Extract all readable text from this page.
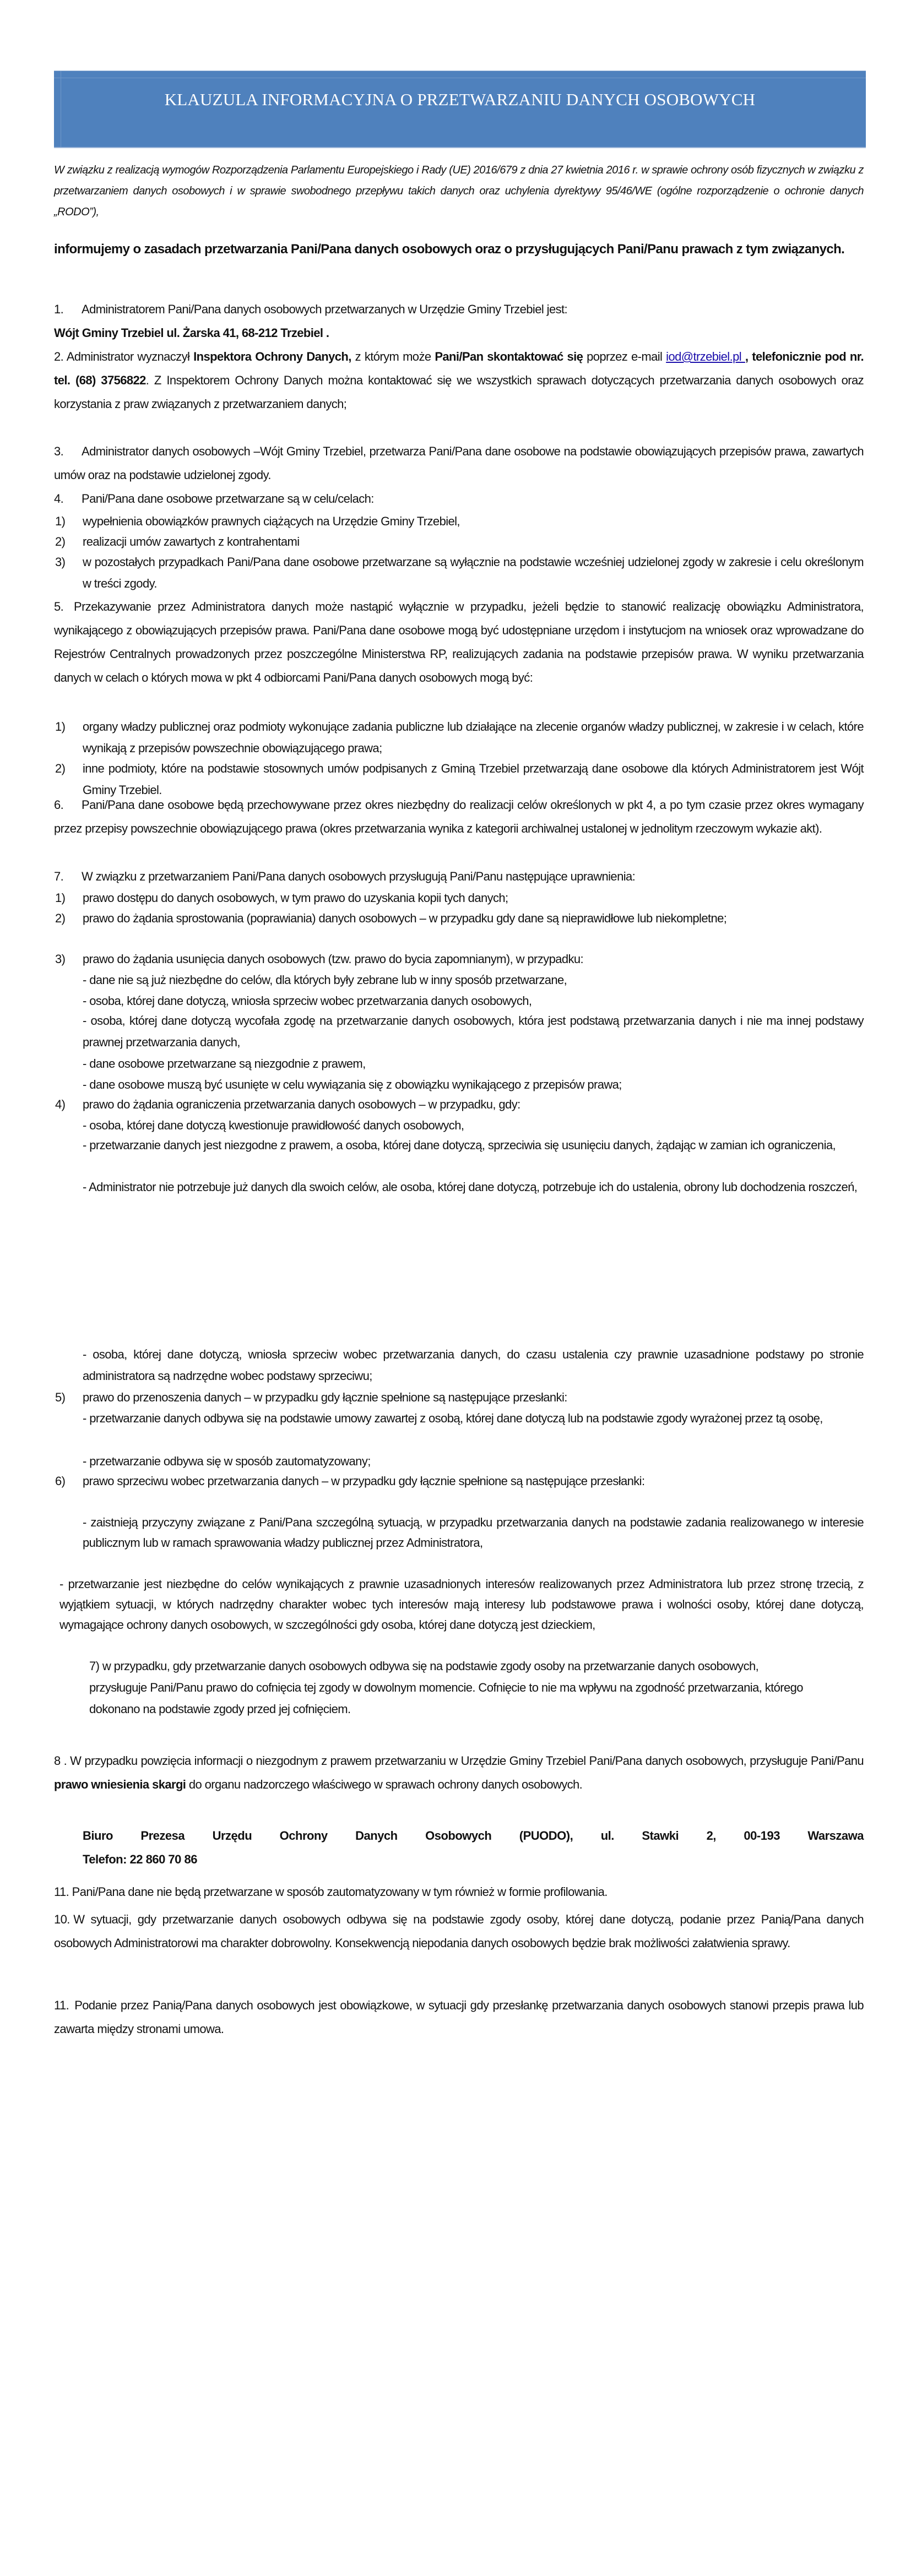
KLAUZULA INFORMACYJNA O PRZETWARZANIU DANYCH OSOBOWYCH
W związku z realizacją wymogów Rozporządzenia Parlamentu Europejskiego i Rady (UE) 2016/679 z dnia 27 kwietnia 2016 r. w sprawie ochrony osób fizycznych w związku z przetwarzaniem danych osobowych i w sprawie swobodnego przepływu takich danych oraz uchylenia dyrektywy 95/46/WE (ogólne rozporządzenie o ochronie danych „RODO”),
informujemy o zasadach przetwarzania Pani/Pana danych osobowych oraz o przysługujących Pani/Panu prawach z tym związanych.
1. Administratorem Pani/Pana danych osobowych przetwarzanych w Urzędzie Gminy Trzebiel jest:
Wójt Gminy Trzebiel ul. Żarska 41, 68-212 Trzebiel .
2. Administrator wyznaczył Inspektora Ochrony Danych, z którym może Pani/Pan skontaktować się poprzez e-mail iod@trzebiel.pl , telefonicznie pod nr. tel. (68) 3756822. Z Inspektorem Ochrony Danych można kontaktować się we wszystkich sprawach dotyczących przetwarzania danych osobowych oraz korzystania z praw związanych z przetwarzaniem danych;
3. Administrator danych osobowych –Wójt Gminy Trzebiel, przetwarza Pani/Pana dane osobowe na podstawie obowiązujących przepisów prawa, zawartych umów oraz na podstawie udzielonej zgody.
4. Pani/Pana dane osobowe przetwarzane są w celu/celach:
1) wypełnienia obowiązków prawnych ciążących na Urzędzie Gminy Trzebiel,
2) realizacji umów zawartych z kontrahentami
3) w pozostałych przypadkach Pani/Pana dane osobowe przetwarzane są wyłącznie na podstawie wcześniej udzielonej zgody w zakresie i celu określonym w treści zgody.
5. Przekazywanie przez Administratora danych może nastąpić wyłącznie w przypadku, jeżeli będzie to stanowić realizację obowiązku Administratora, wynikającego z obowiązujących przepisów prawa. Pani/Pana dane osobowe mogą być udostępniane urzędom i instytucjom na wniosek oraz wprowadzane do Rejestrów Centralnych prowadzonych przez poszczególne Ministerstwa RP, realizujących zadania na podstawie przepisów prawa. W wyniku przetwarzania danych w celach o których mowa w pkt 4 odbiorcami Pani/Pana danych osobowych mogą być:
1) organy władzy publicznej oraz podmioty wykonujące zadania publiczne lub działające na zlecenie organów władzy publicznej, w zakresie i w celach, które wynikają z przepisów powszechnie obowiązującego prawa;
2) inne podmioty, które na podstawie stosownych umów podpisanych z Gminą Trzebiel przetwarzają dane osobowe dla których Administratorem jest Wójt Gminy Trzebiel.
6. Pani/Pana dane osobowe będą przechowywane przez okres niezbędny do realizacji celów określonych w pkt 4, a po tym czasie przez okres wymagany przez przepisy powszechnie obowiązującego prawa (okres przetwarzania wynika z kategorii archiwalnej ustalonej w jednolitym rzeczowym wykazie akt).
7. W związku z przetwarzaniem Pani/Pana danych osobowych przysługują Pani/Panu następujące uprawnienia:
1) prawo dostępu do danych osobowych, w tym prawo do uzyskania kopii tych danych;
2) prawo do żądania sprostowania (poprawiania) danych osobowych – w przypadku gdy dane są nieprawidłowe lub niekompletne;
3) prawo do żądania usunięcia danych osobowych (tzw. prawo do bycia zapomnianym), w przypadku:
- dane nie są już niezbędne do celów, dla których były zebrane lub w inny sposób przetwarzane,
- osoba, której dane dotyczą, wniosła sprzeciw wobec przetwarzania danych osobowych,
- osoba, której dane dotyczą wycofała zgodę na przetwarzanie danych osobowych, która jest podstawą przetwarzania danych i nie ma innej podstawy prawnej przetwarzania danych,
- dane osobowe przetwarzane są niezgodnie z prawem,
- dane osobowe muszą być usunięte w celu wywiązania się z obowiązku wynikającego z przepisów prawa;
4) prawo do żądania ograniczenia przetwarzania danych osobowych – w przypadku, gdy:
- osoba, której dane dotyczą kwestionuje prawidłowość danych osobowych,
- przetwarzanie danych jest niezgodne z prawem, a osoba, której dane dotyczą, sprzeciwia się usunięciu danych, żądając w zamian ich ograniczenia,
- Administrator nie potrzebuje już danych dla swoich celów, ale osoba, której dane dotyczą, potrzebuje ich do ustalenia, obrony lub dochodzenia roszczeń,
- osoba, której dane dotyczą, wniosła sprzeciw wobec przetwarzania danych, do czasu ustalenia czy prawnie uzasadnione podstawy po stronie administratora są nadrzędne wobec podstawy sprzeciwu;
5) prawo do przenoszenia danych – w przypadku gdy łącznie spełnione są następujące przesłanki:
- przetwarzanie danych odbywa się na podstawie umowy zawartej z osobą, której dane dotyczą lub na podstawie zgody wyrażonej przez tą osobę,
- przetwarzanie odbywa się w sposób zautomatyzowany;
6) prawo sprzeciwu wobec przetwarzania danych – w przypadku gdy łącznie spełnione są następujące przesłanki:
- zaistnieją przyczyny związane z Pani/Pana szczególną sytuacją, w przypadku przetwarzania danych na podstawie zadania realizowanego w interesie publicznym lub w ramach sprawowania władzy publicznej przez Administratora,
- przetwarzanie jest niezbędne do celów wynikających z prawnie uzasadnionych interesów realizowanych przez Administratora lub przez stronę trzecią, z wyjątkiem sytuacji, w których nadrzędny charakter wobec tych interesów mają interesy lub podstawowe prawa i wolności osoby, której dane dotyczą, wymagające ochrony danych osobowych, w szczególności gdy osoba, której dane dotyczą jest dzieckiem,
7) w przypadku, gdy przetwarzanie danych osobowych odbywa się na podstawie zgody osoby na przetwarzanie danych osobowych, przysługuje Pani/Panu prawo do cofnięcia tej zgody w dowolnym momencie. Cofnięcie to nie ma wpływu na zgodność przetwarzania, którego dokonano na podstawie zgody przed jej cofnięciem.
8 . W przypadku powzięcia informacji o niezgodnym z prawem przetwarzaniu w Urzędzie Gminy Trzebiel Pani/Pana danych osobowych, przysługuje Pani/Panu prawo wniesienia skargi do organu nadzorczego właściwego w sprawach ochrony danych osobowych.
Biuro Prezesa Urzędu Ochrony Danych Osobowych (PUODO), ul. Stawki 2, 00-193 Warszawa
Telefon: 22 860 70 86
11. Pani/Pana dane nie będą przetwarzane w sposób zautomatyzowany w tym również w formie profilowania.
10. W sytuacji, gdy przetwarzanie danych osobowych odbywa się na podstawie zgody osoby, której dane dotyczą, podanie przez Panią/Pana danych osobowych Administratorowi ma charakter dobrowolny. Konsekwencją niepodania danych osobowych będzie brak możliwości załatwienia sprawy.
11. Podanie przez Panią/Pana danych osobowych jest obowiązkowe, w sytuacji gdy przesłankę przetwarzania danych osobowych stanowi przepis prawa lub zawarta między stronami umowa.
